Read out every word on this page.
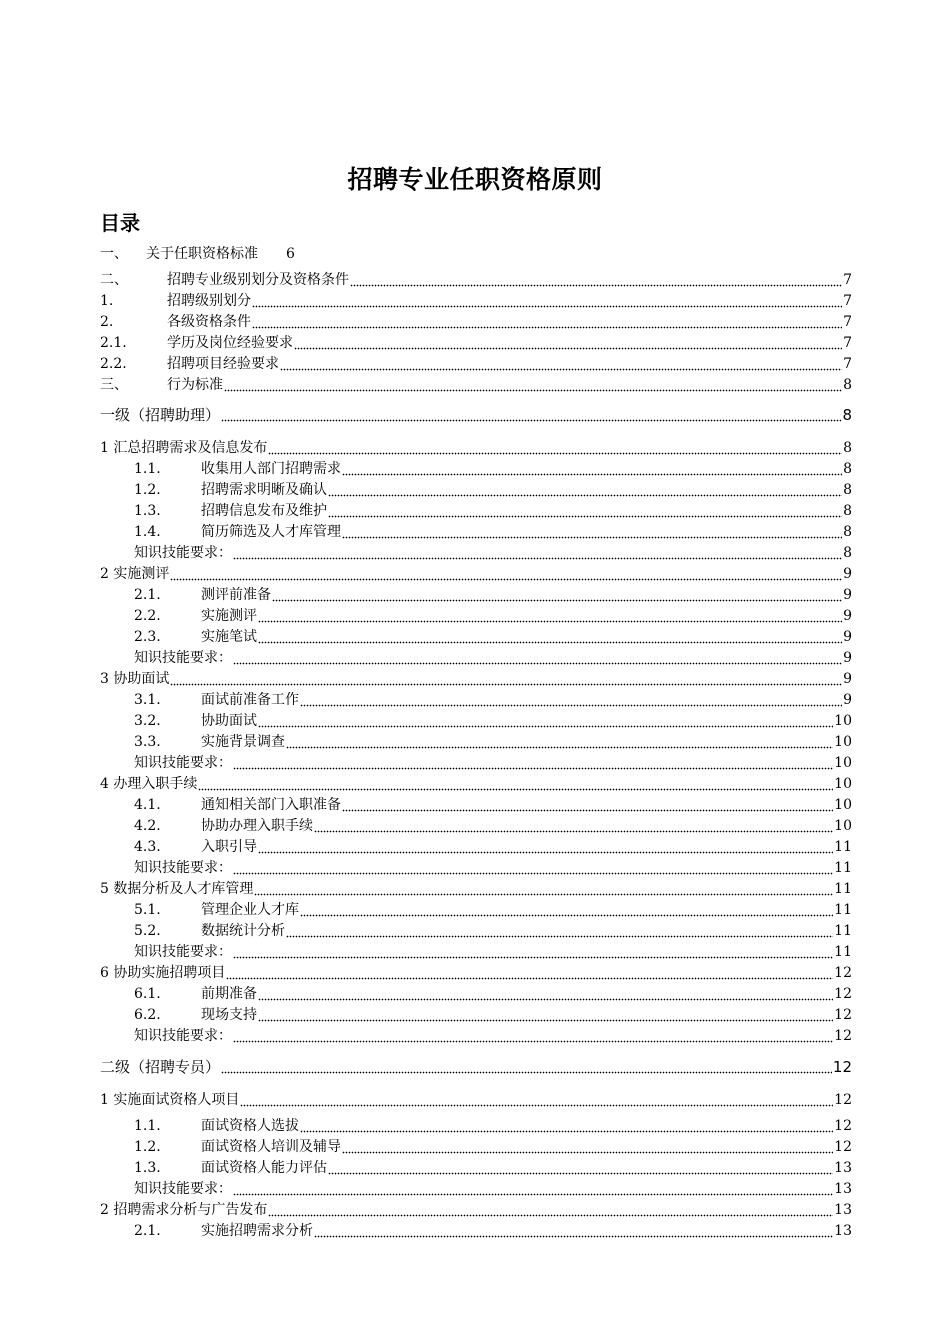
招聘专业任职资格原则
目录
一、	关于任职资格标准 6
二、	招聘专业级别划分及资格条件	7
1.	招聘级别划分	7
2.	各级资格条件	7
2.1.	学历及岗位经验要求	7
2.2.	招聘项目经验要求	7
三、	行为标准	8
一级（招聘助理）	8
1 汇总招聘需求及信息发布	8
1.1.	收集用人部门招聘需求	8
1.2.	招聘需求明晰及确认	8
1.3.	招聘信息发布及维护	8
1.4.	简历筛选及人才库管理	8
知识技能要求：	8
2 实施测评	9
2.1.	测评前准备	9
2.2.	实施测评	9
2.3.	实施笔试	9
知识技能要求：	9
3 协助面试	9
3.1.	面试前准备工作	9
3.2.	协助面试	10
3.3.	实施背景调查	10
知识技能要求：	10
4 办理入职手续	10
4.1.	通知相关部门入职准备	10
4.2.	协助办理入职手续	10
4.3.	入职引导	11
知识技能要求：	11
5 数据分析及人才库管理	11
5.1.	管理企业人才库	11
5.2.	数据统计分析	11
知识技能要求：	11
6 协助实施招聘项目	12
6.1.	前期准备	12
6.2.	现场支持	12
知识技能要求：	12
二级（招聘专员）	12
1 实施面试资格人项目	12
1.1.	面试资格人选拔	12
1.2.	面试资格人培训及辅导	12
1.3.	面试资格人能力评估	13
知识技能要求：	13
2 招聘需求分析与广告发布	13
2.1.	实施招聘需求分析	13
